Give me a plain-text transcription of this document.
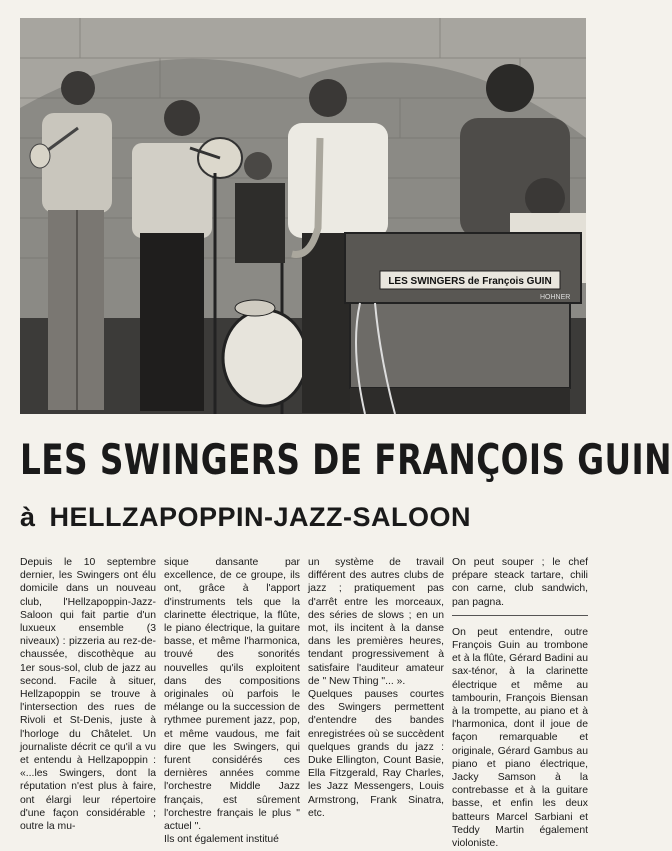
LES SWINGERS de François GUIN
HOHNER
LES SWINGERS DE FRANÇOIS GUIN
à HELLZAPOPPIN-JAZZ-SALOON

Depuis le 10 septembre dernier, les Swingers ont élu domicile dans un nouveau club, l'Hellzapoppin-Jazz-Saloon qui fait partie d'un luxueux ensemble (3 niveaux) : pizzeria au rez-de-chaussée, discothèque au 1er sous-sol, club de jazz au second. Facile à situer, Hellzapoppin se trouve à l'intersection des rues de Rivoli et St-Denis, juste à l'horloge du Châtelet. Un journaliste décrit ce qu'il a vu et entendu à Hellzapoppin : «...les Swingers, dont la réputation n'est plus à faire, ont élargi leur répertoire d'une façon considérable ; outre la mu-

sique dansante par excellence, de ce groupe, ils ont, grâce à l'apport d'instruments tels que la clarinette électrique, la flûte, le piano électrique, la guitare basse, et même l'harmonica, trouvé des sonorités nouvelles qu'ils exploitent dans des compositions originales où parfois le mélange ou la succession de rythmee purement jazz, pop, et même vaudous, me fait dire que les Swingers, qui furent considérés ces dernières années comme l'orchestre Middle Jazz français, est sûrement l'orchestre français le plus " actuel ".
Ils ont également institué

un système de travail différent des autres clubs de jazz ; pratiquement pas d'arrêt entre les morceaux, des séries de slows ; en un mot, ils incitent à la danse dans les premières heures, tendant progressivement à satisfaire l'auditeur amateur de " New Thing "... ».
Quelques pauses courtes des Swingers permettent d'entendre des bandes enregistrées où se succèdent quelques grands du jazz : Duke Ellington, Count Basie, Ella Fitzgerald, Ray Charles, les Jazz Messengers, Louis Armstrong, Frank Sinatra, etc.

On peut souper ; le chef prépare steack tartare, chili con carne, club sandwich, pan pagna.

On peut entendre, outre François Guin au trombone et à la flûte, Gérard Badini au sax-ténor, à la clarinette électrique et même au tambourin, François Biensan à la trompette, au piano et à l'harmonica, dont il joue de façon remarquable et originale, Gérard Gambus au piano et piano électrique, Jacky Samson à la contrebasse et à la guitare basse, et enfin les deux batteurs Marcel Sarbiani et Teddy Martin également violoniste.
